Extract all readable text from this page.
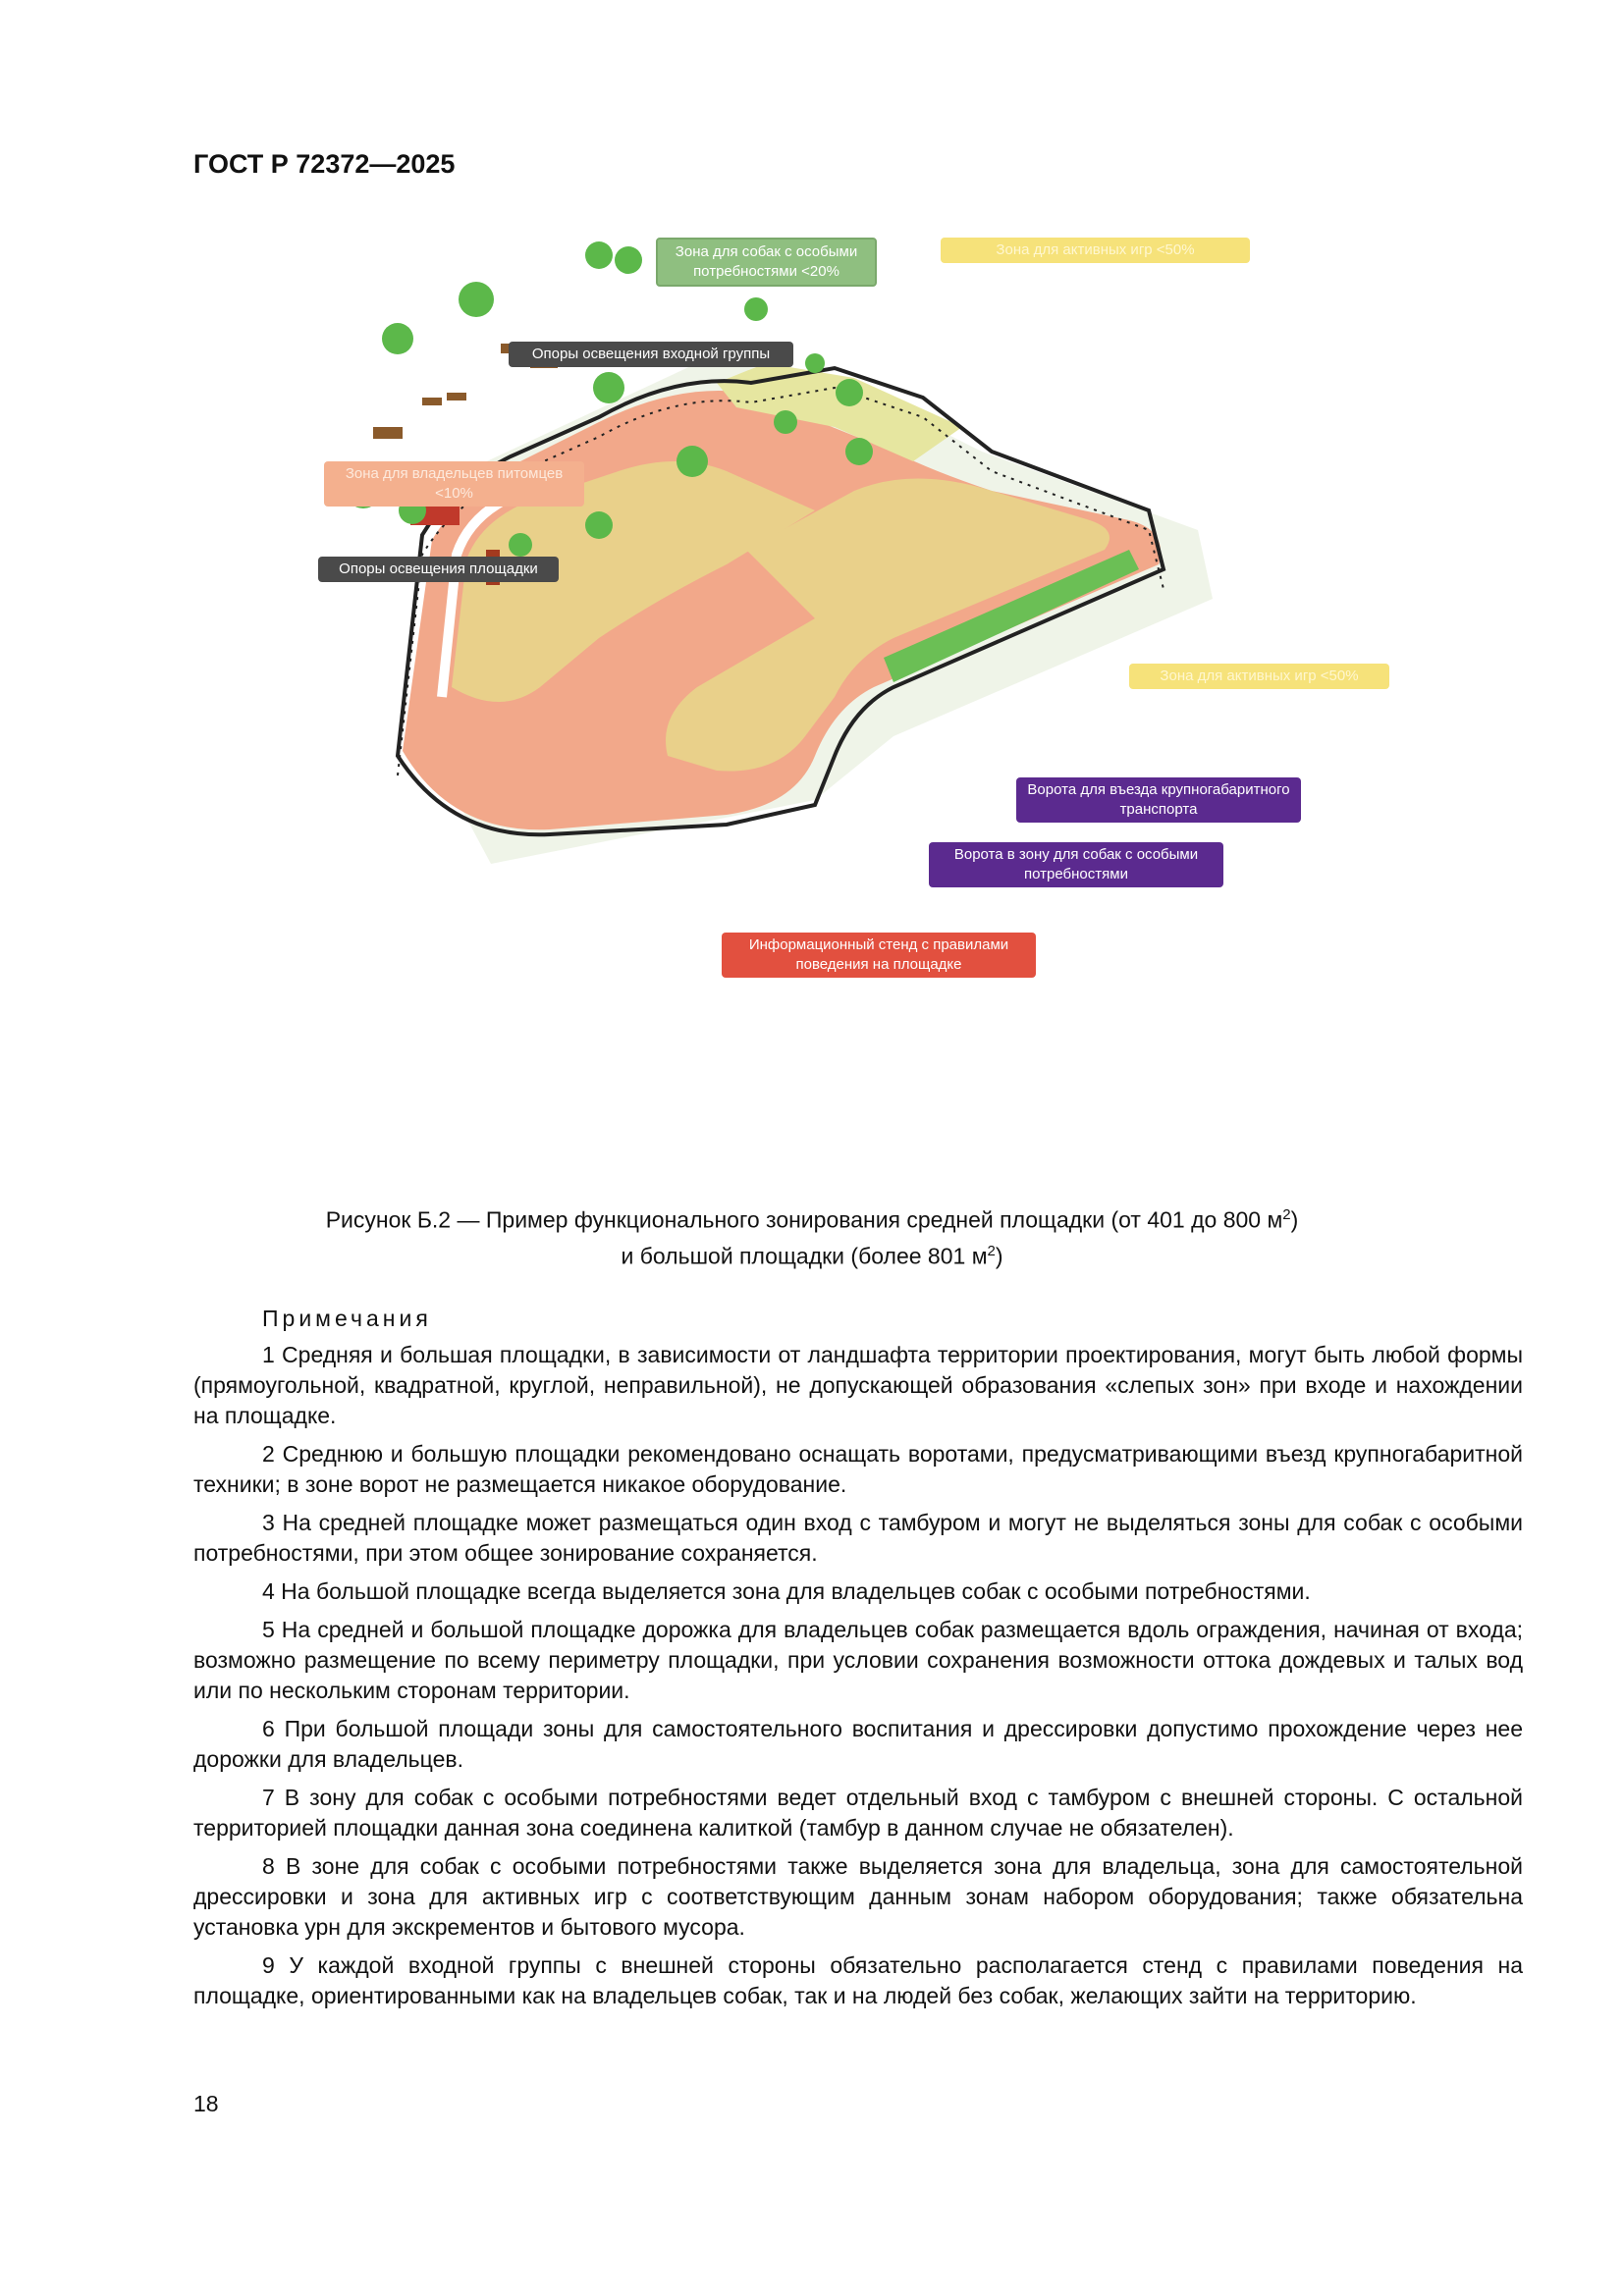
ГОСТ Р 72372—2025
Зона для собак с особыми потребностями <20%
Зона для активных игр <50%
Опоры освещения входной группы
Зона для владельцев питомцев <10%
Опоры освещения площадки
Зона для активных игр <50%
Ворота для въезда крупногабаритного транспорта
Ворота в зону для собак с особыми потребностями
Информационный стенд с правилами поведения на площадке
Рисунок Б.2 — Пример функционального зонирования средней площадки (от 401 до 800 $м^2$)
и большой площадки (более 801 $м^2$)
Примечания

1 Средняя и большая площадки, в зависимости от ландшафта территории проектирования, могут быть любой формы (прямоугольной, квадратной, круглой, неправильной), не допускающей образования «слепых зон» при входе и нахождении на площадке.

2 Среднюю и большую площадки рекомендовано оснащать воротами, предусматривающими въезд крупногабаритной техники; в зоне ворот не размещается никакое оборудование.

3 На средней площадке может размещаться один вход с тамбуром и могут не выделяться зоны для собак с особыми потребностями, при этом общее зонирование сохраняется.

4 На большой площадке всегда выделяется зона для владельцев собак с особыми потребностями.

5 На средней и большой площадке дорожка для владельцев собак размещается вдоль ограждения, начиная от входа; возможно размещение по всему периметру площадки, при условии сохранения возможности оттока дождевых и талых вод или по нескольким сторонам территории.

6 При большой площади зоны для самостоятельного воспитания и дрессировки допустимо прохождение через нее дорожки для владельцев.

7 В зону для собак с особыми потребностями ведет отдельный вход с тамбуром с внешней стороны. С остальной территорией площадки данная зона соединена калиткой (тамбур в данном случае не обязателен).

8 В зоне для собак с особыми потребностями также выделяется зона для владельца, зона для самостоятельной дрессировки и зона для активных игр с соответствующим данным зонам набором оборудования; также обязательна установка урн для экскрементов и бытового мусора.

9 У каждой входной группы с внешней стороны обязательно располагается стенд с правилами поведения на площадке, ориентированными как на владельцев собак, так и на людей без собак, желающих зайти на территорию.

18
